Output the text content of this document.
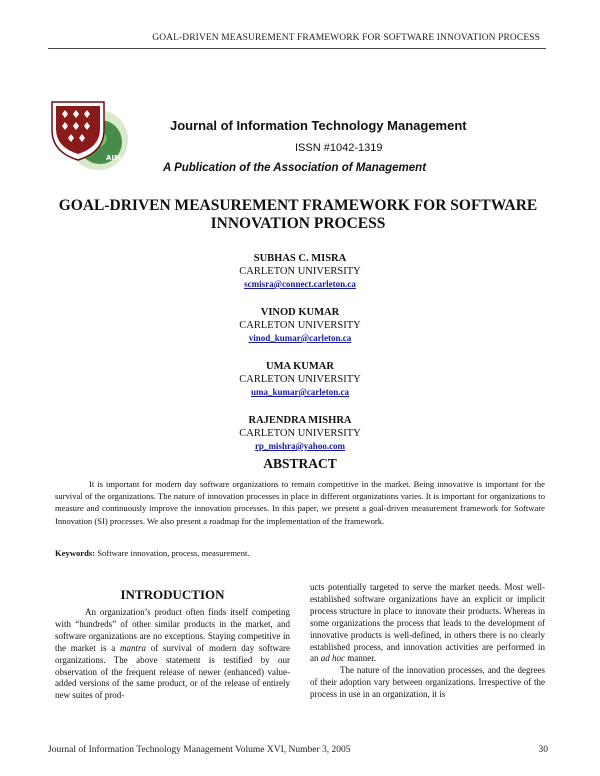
GOAL-DRIVEN MEASUREMENT FRAMEWORK FOR SOFTWARE INNOVATION PROCESS
AIM
Journal of Information Technology Management
ISSN #1042-1319
A Publication of the Association of Management
GOAL-DRIVEN MEASUREMENT FRAMEWORK FOR SOFTWARE
INNOVATION PROCESS
SUBHAS C. MISRA
CARLETON UNIVERSITY
scmisra@connect.carleton.ca
VINOD KUMAR
CARLETON UNIVERSITY
vinod_kumar@carleton.ca
UMA KUMAR
CARLETON UNIVERSITY
uma_kumar@carleton.ca
RAJENDRA MISHRA
CARLETON UNIVERSITY
rp_mishra@yahoo.com
ABSTRACT

It is important for modern day software organizations to remain competitive in the market. Being innovative is important for the survival of the organizations. The nature of innovation processes in place in different organizations varies. It is important for organizations to measure and continuously improve the innovation processes. In this paper, we present a goal-driven measurement framework for Software Innovation (SI) processes. We also present a roadmap for the implementation of the framework.

Keywords: Software innovation, process, measurement.

INTRODUCTION

An organization’s product often finds itself competing with “hundreds” of other similar products in the market, and software organizations are no exceptions. Staying competitive in the market is a mantra of survival of modern day software organizations. The above statement is testified by our observation of the frequent release of newer (enhanced) value-added versions of the same product, or of the release of entirely new suites of prod-

ucts potentially targeted to serve the market needs. Most well-established software organizations have an explicit or implicit process structure in place to innovate their products. Whereas in some organizations the process that leads to the development of innovative products is well-defined, in others there is no clearly established process, and innovation activities are performed in an ad hoc manner.

The nature of the innovation processes, and the degrees of their adoption vary between organizations. Irrespective of the process in use in an organization, it is

Journal of Information Technology Management Volume XVI, Number 3, 2005	30
